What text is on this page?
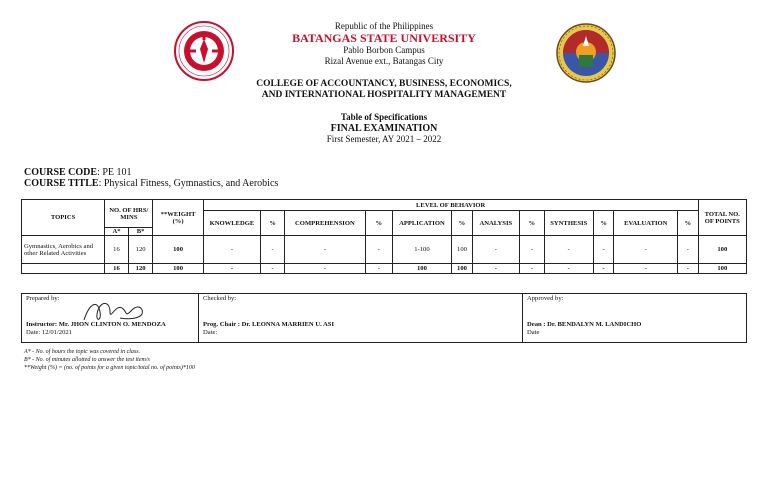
Republic of the Philippines
BATANGAS STATE UNIVERSITY
Pablo Borbon Campus
Rizal Avenue ext., Batangas City
COLLEGE OF ACCOUNTANCY, BUSINESS, ECONOMICS,
AND INTERNATIONAL HOSPITALITY MANAGEMENT
Table of Specifications
FINAL EXAMINATION
First Semester, AY 2021 – 2022
COURSE CODE: PE 101
COURSE TITLE: Physical Fitness, Gymnastics, and Aerobics
TOPICS	NO. OF HRS/ MINS		**WEIGHT (%)	LEVEL OF BEHAVIOR												TOTAL NO. OF POINTS
				KNOWLEDGE	%	COMPREHENSION	%	APPLICATION	%	ANALYSIS	%	SYNTHESIS	%	EVALUATION	%	
	A*	B*														
Gymnastics, Aerobics and other Related Activities	16	120	100	-	-	-	-	1-100	100	-	-	-	-	-	-	100
	16	120	100	-	-	-	-	100	100	-	-	-	-	-	-	100
Prepared by:
Instructor: Mr. JHON CLINTON O. MENDOZA
Date: 12/01/2021
Checked by:
Prog. Chair : Dr. LEONNA MARRIEN U. ASI
Date:
Approved by:
Dean : Dr. BENDALYN M. LANDICHO
Date
A* - No. of hours the topic was covered in class.
B* - No. of minutes allotted to answer the test item/s
**Weight (%) = (no. of points for a given topic/total no. of points)*100
